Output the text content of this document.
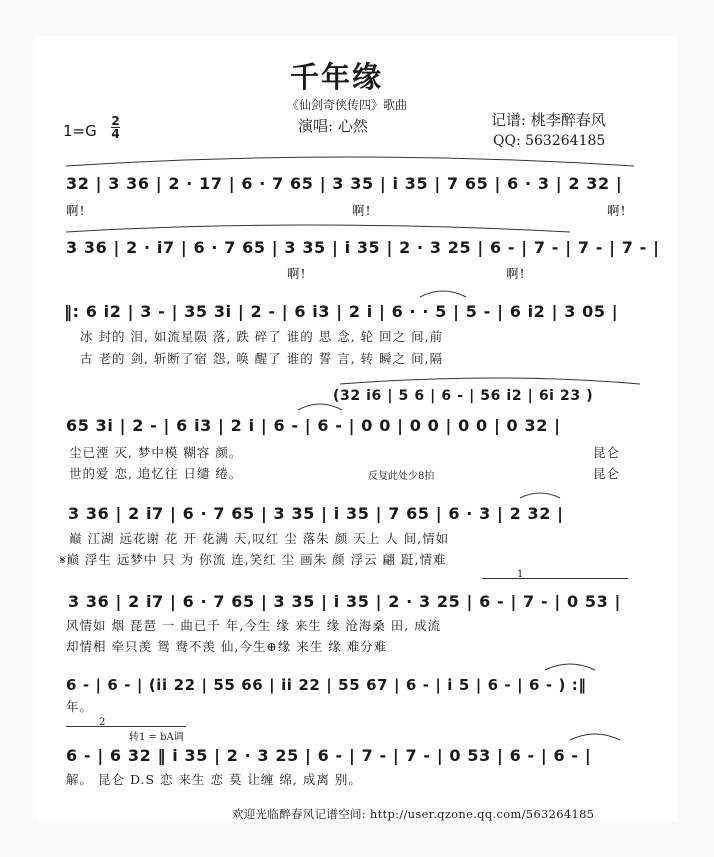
千年缘
《仙剑奇侠传四》歌曲
1=G
2
4	演唱: 心然	记谱: 桃李醉春风
QQ: 563264185
32 | 3 36 | 2 · 17 | 6 · 7 65 | 3 35 | i 35 | 7 65 | 6 · 3 | 2 32 |
啊!	啊!	啊!
3 36 | 2 · i7 | 6 · 7 65 | 3 35 | i 35 | 2 · 3 25 | 6 - | 7 - | 7 - | 7 - |
啊!	啊!
‖: 6 i2 | 3 - | 35 3i | 2 - | 6 i3 | 2 i | 6 · · 5 | 5 - | 6 i2 | 3 05 |
冰 封的 泪, 如流星陨 落, 跌 碎了 谁的 思 念, 轮 回之 间,前
古 老的 剑, 斩断了宿 怨, 唤 醒了 谁的 誓 言, 转 瞬之 间,隔
(32 i6 | 5 6 | 6 - | 56 i2 | 6i 23 )
65 3i | 2 - | 6 i3 | 2 i | 6 - | 6 - | 0 0 | 0 0 | 0 0 | 0 32 |
尘已湮 灭, 梦中模 糊容 颜。
世的爱 恋, 追忆往 日缱 绻。	反复此处少8拍
昆仑
昆仑
3 36 | 2 i7 | 6 · 7 65 | 3 35 | i 35 | 7 65 | 6 · 3 | 2 32 |
巅 江湖 远花谢 花 开 花满 天,叹红 尘 落朱 颜 天上 人 间,情如
𝄋巅 浮生 远梦中 只 为 你流 连,笑红 尘 画朱 颜 浮云 翩 跹,情难
1
3 36 | 2 i7 | 6 · 7 65 | 3 35 | i 35 | 2 · 3 25 | 6 - | 7 - | 0 53 |
风情如 烟 琵琶 一 曲已千 年,今生 缘 来生 缘 沧海桑 田, 成流
却情相 牵只羡 鸳 鸯不羡 仙,今生⊕缘 来生 缘 难分难
6 - | 6 - | (ii 22 | 55 66 | ii 22 | 55 67 | 6 - | i 5 | 6 - | 6 - ) :‖
年。
2
转1 = bA调
6 - | 6 32 ‖ i 35 | 2 · 3 25 | 6 - | 7 - | 7 - | 0 53 | 6 - | 6 - |
解。 昆仑 D.S 恋 来生 恋 莫 让缠 绵, 成离 别。
欢迎光临醉春风记谱空间: http://user.qzone.qq.com/563264185
